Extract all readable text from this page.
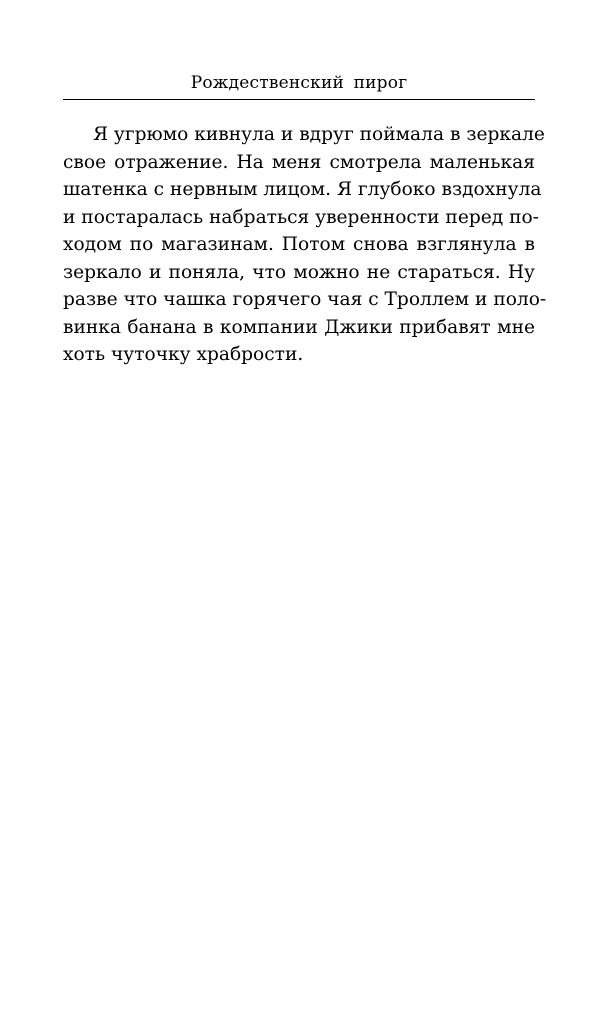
Рождественский пирог
Я угрюмо кивнула и вдруг поймала в зеркале
свое отражение. На меня смотрела маленькая
шатенка с нервным лицом. Я глубоко вздохнула
и постаралась набраться уверенности перед по-
ходом по магазинам. Потом снова взглянула в
зеркало и поняла, что можно не стараться. Ну
разве что чашка горячего чая с Троллем и поло-
винка банана в компании Джики прибавят мне
хоть чуточку храбрости.
